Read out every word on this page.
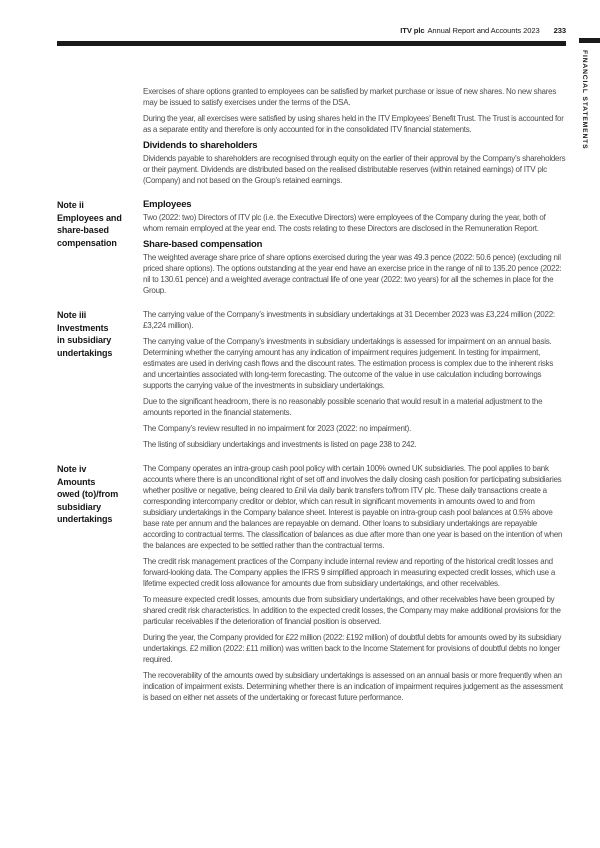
ITV plc Annual Report and Accounts 2023 233
FINANCIAL STATEMENTS

Exercises of share options granted to employees can be satisfied by market purchase or issue of new shares. No new shares may be issued to satisfy exercises under the terms of the DSA.

During the year, all exercises were satisfied by using shares held in the ITV Employees’ Benefit Trust. The Trust is accounted for as a separate entity and therefore is only accounted for in the consolidated ITV financial statements.

Dividends to shareholders

Dividends payable to shareholders are recognised through equity on the earlier of their approval by the Company’s shareholders or their payment. Dividends are distributed based on the realised distributable reserves (within retained earnings) of ITV plc (Company) and not based on the Group’s retained earnings.

Note ii
Employees and
share-based
compensation
Employees

Two (2022: two) Directors of ITV plc (i.e. the Executive Directors) were employees of the Company during the year, both of whom remain employed at the year end. The costs relating to these Directors are disclosed in the Remuneration Report.

Share-based compensation

The weighted average share price of share options exercised during the year was 49.3 pence (2022: 50.6 pence) (excluding nil priced share options). The options outstanding at the year end have an exercise price in the range of nil to 135.20 pence (2022: nil to 130.61 pence) and a weighted average contractual life of one year (2022: two years) for all the schemes in place for the Group.

Note iii
Investments
in subsidiary
undertakings

The carrying value of the Company’s investments in subsidiary undertakings at 31 December 2023 was £3,224 million (2022: £3,224 million).

The carrying value of the Company’s investments in subsidiary undertakings is assessed for impairment on an annual basis. Determining whether the carrying amount has any indication of impairment requires judgement. In testing for impairment, estimates are used in deriving cash flows and the discount rates. The estimation process is complex due to the inherent risks and uncertainties associated with long-term forecasting. The outcome of the value in use calculation including borrowings supports the carrying value of the investments in subsidiary undertakings.

Due to the significant headroom, there is no reasonably possible scenario that would result in a material adjustment to the amounts reported in the financial statements.

The Company’s review resulted in no impairment for 2023 (2022: no impairment).

The listing of subsidiary undertakings and investments is listed on page 238 to 242.

Note iv
Amounts
owed (to)/from
subsidiary
undertakings

The Company operates an intra-group cash pool policy with certain 100% owned UK subsidiaries. The pool applies to bank accounts where there is an unconditional right of set off and involves the daily closing cash position for participating subsidiaries whether positive or negative, being cleared to £nil via daily bank transfers to/from ITV plc. These daily transactions create a corresponding intercompany creditor or debtor, which can result in significant movements in amounts owed to and from subsidiary undertakings in the Company balance sheet. Interest is payable on intra-group cash pool balances at 0.5% above base rate per annum and the balances are repayable on demand. Other loans to subsidiary undertakings are repayable according to contractual terms. The classification of balances as due after more than one year is based on the intention of when the balances are expected to be settled rather than the contractual terms.

The credit risk management practices of the Company include internal review and reporting of the historical credit losses and forward-looking data. The Company applies the IFRS 9 simplified approach in measuring expected credit losses, which use a lifetime expected credit loss allowance for amounts due from subsidiary undertakings, and other receivables.

To measure expected credit losses, amounts due from subsidiary undertakings, and other receivables have been grouped by shared credit risk characteristics. In addition to the expected credit losses, the Company may make additional provisions for the particular receivables if the deterioration of financial position is observed.

During the year, the Company provided for £22 million (2022: £192 million) of doubtful debts for amounts owed by its subsidiary undertakings. £2 million (2022: £11 million) was written back to the Income Statement for provisions of doubtful debts no longer required.

The recoverability of the amounts owed by subsidiary undertakings is assessed on an annual basis or more frequently when an indication of impairment exists. Determining whether there is an indication of impairment requires judgement as the assessment is based on either net assets of the undertaking or forecast future performance.
